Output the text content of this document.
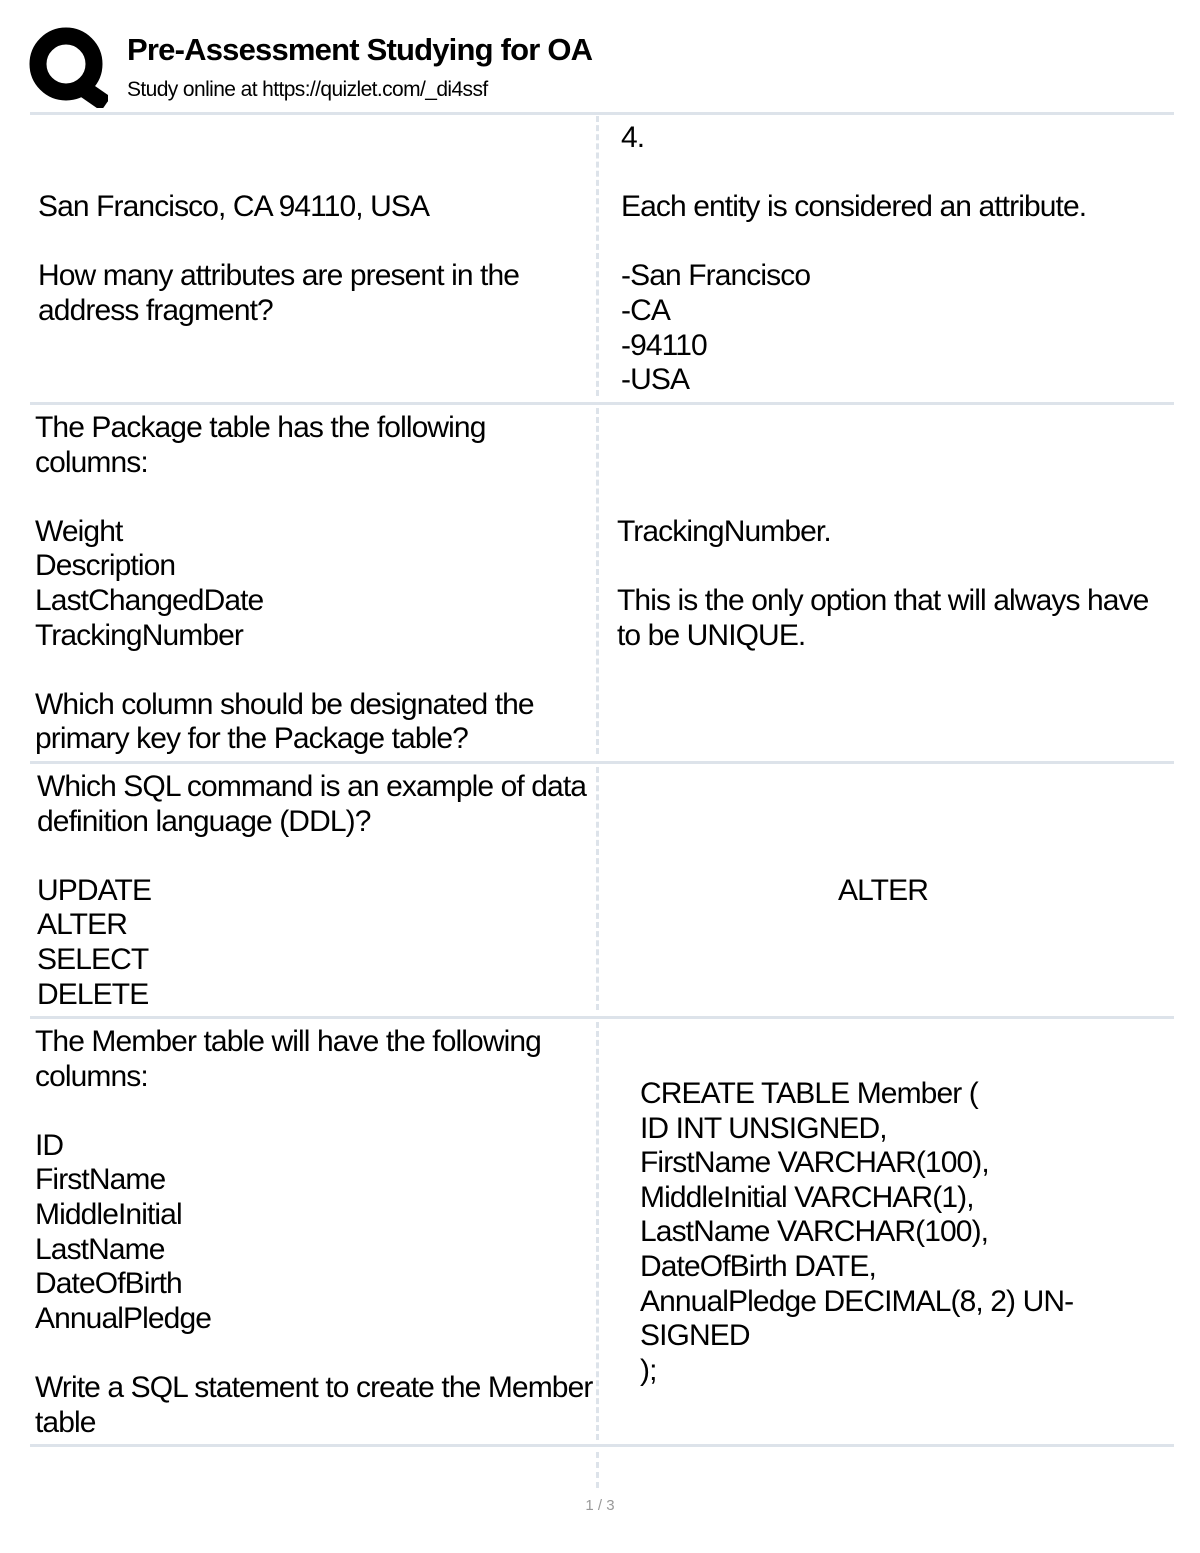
Pre-Assessment Studying for OA
Study online at https://quizlet.com/_di4ssf
San Francisco, CA 94110, USA

How many attributes are present in the address fragment?
4.

Each entity is considered an attribute.

-San Francisco
-CA
-94110
-USA
The Package table has the following columns:

Weight
Description
LastChangedDate
TrackingNumber

Which column should be designated the primary key for the Package table?
TrackingNumber.

This is the only option that will always have to be UNIQUE.
Which SQL command is an example of data definition language (DDL)?

UPDATE
ALTER
SELECT
DELETE
ALTER
The Member table will have the following columns:

ID
FirstName
MiddleInitial
LastName
DateOfBirth
AnnualPledge

Write a SQL statement to create the Member table
CREATE TABLE Member (
ID INT UNSIGNED,
FirstName VARCHAR(100),
MiddleInitial VARCHAR(1),
LastName VARCHAR(100),
DateOfBirth DATE,
AnnualPledge DECIMAL(8, 2) UN-
SIGNED
);
1 / 3
